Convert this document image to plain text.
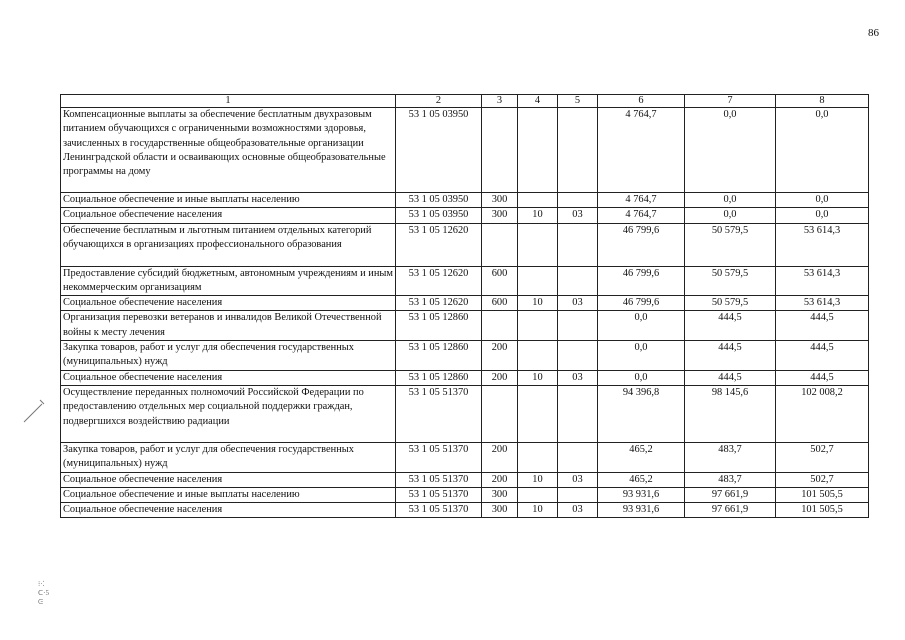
86
1	2	3	4	5	6	7	8
Компенсационные выплаты за обеспечение бесплатным двухразовым питанием обучающихся с ограниченными возможностями здоровья, зачисленных в государственные общеобразовательные организации Ленинградской области и осваивающих основные общеобразовательные программы на дому	53 1 05 03950				4 764,7	0,0	0,0
Социальное обеспечение и иные выплаты населению	53 1 05 03950	300			4 764,7	0,0	0,0
Социальное обеспечение населения	53 1 05 03950	300	10	03	4 764,7	0,0	0,0
Обеспечение бесплатным и льготным питанием отдельных категорий обучающихся в организациях профессионального образования	53 1 05 12620				46 799,6	50 579,5	53 614,3
Предоставление субсидий бюджетным, автономным учреждениям и иным некоммерческим организациям	53 1 05 12620	600			46 799,6	50 579,5	53 614,3
Социальное обеспечение населения	53 1 05 12620	600	10	03	46 799,6	50 579,5	53 614,3
Организация перевозки ветеранов и инвалидов Великой Отечественной войны к месту лечения	53 1 05 12860				0,0	444,5	444,5
Закупка товаров, работ и услуг для обеспечения государственных (муниципальных) нужд	53 1 05 12860	200			0,0	444,5	444,5
Социальное обеспечение населения	53 1 05 12860	200	10	03	0,0	444,5	444,5
Осуществление переданных полномочий Российской Федерации по предоставлению отдельных мер социальной поддержки граждан, подвергшихся воздействию радиации	53 1 05 51370				94 396,8	98 145,6	102 008,2
Закупка товаров, работ и услуг для обеспечения государственных (муниципальных) нужд	53 1 05 51370	200			465,2	483,7	502,7
Социальное обеспечение населения	53 1 05 51370	200	10	03	465,2	483,7	502,7
Социальное обеспечение и иные выплаты населению	53 1 05 51370	300			93 931,6	97 661,9	101 505,5
Социальное обеспечение населения	53 1 05 51370	300	10	03	93 931,6	97 661,9	101 505,5
⁝·⁚
ᑕ·5
ᕮ
